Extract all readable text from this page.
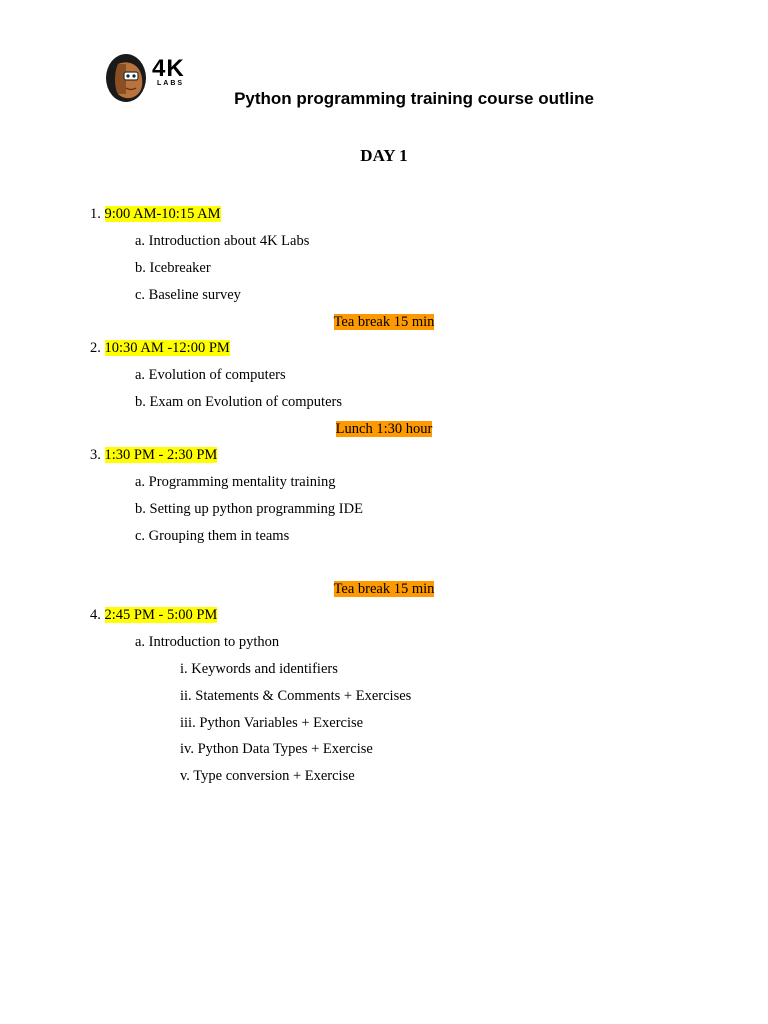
4K
LABS
Python programming training course outline
DAY 1
1. 9:00 AM-10:15 AM
a. Introduction about 4K Labs
b. Icebreaker
c. Baseline survey
Tea break 15 min
2. 10:30 AM -12:00 PM
a. Evolution of computers
b. Exam on Evolution of computers
Lunch 1:30 hour
3. 1:30 PM - 2:30 PM
a. Programming mentality training
b. Setting up python programming IDE
c. Grouping them in teams
Tea break 15 min
4. 2:45 PM - 5:00 PM
a. Introduction to python
i. Keywords and identifiers
ii. Statements & Comments + Exercises
iii. Python Variables + Exercise
iv. Python Data Types + Exercise
v. Type conversion + Exercise
